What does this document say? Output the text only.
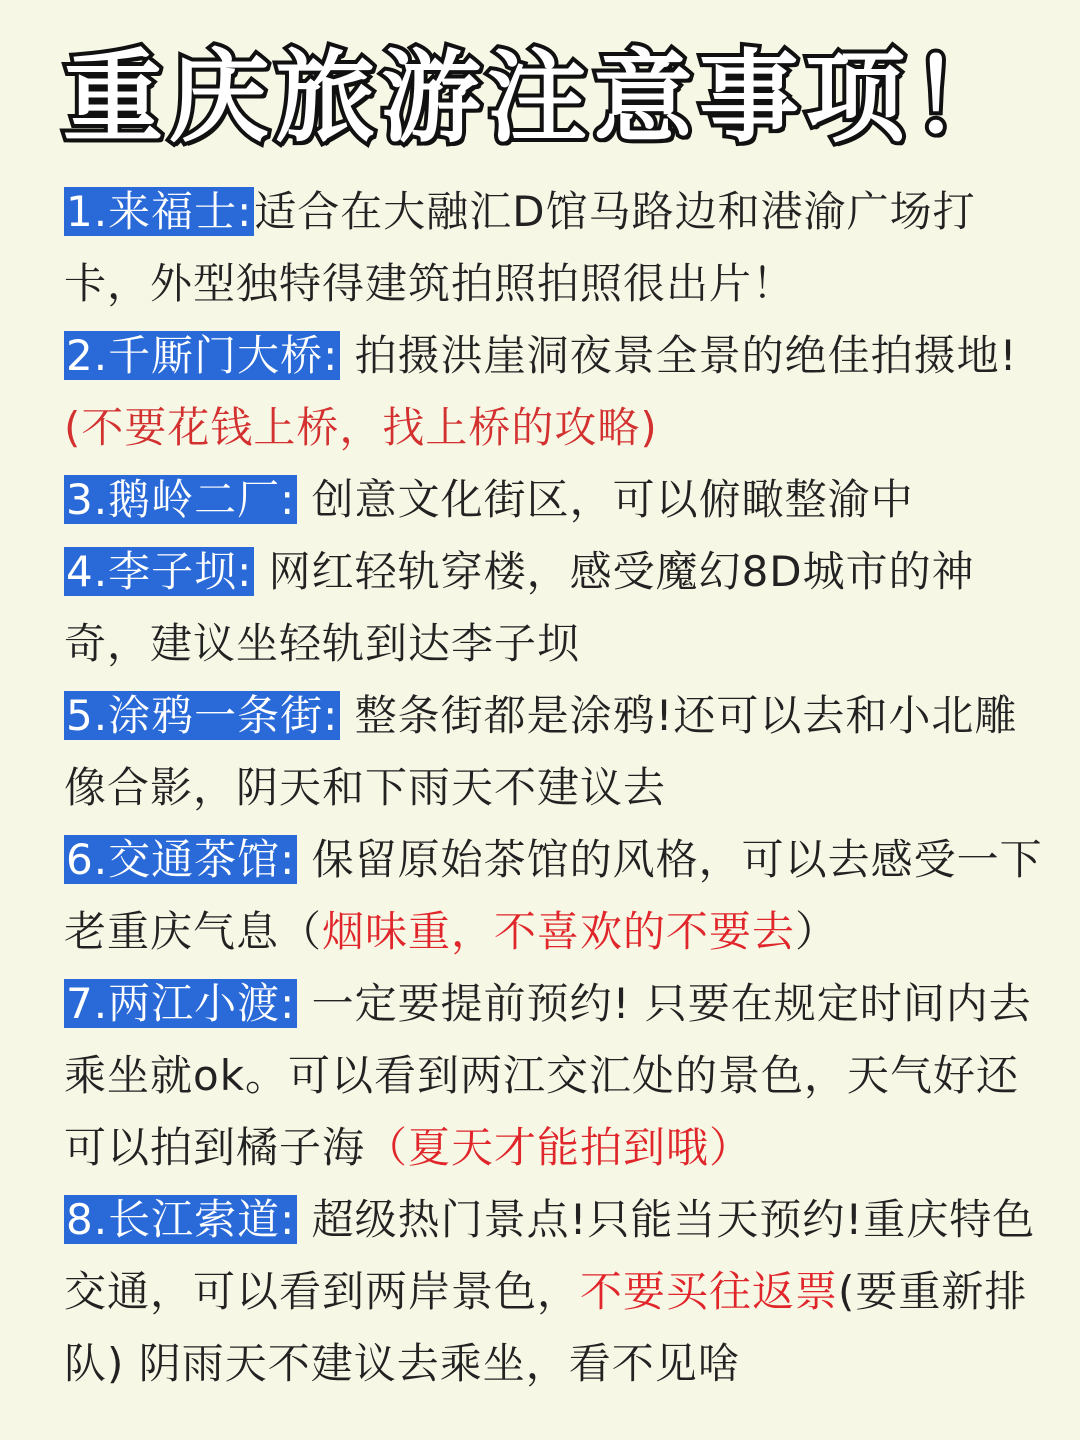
重庆旅游注意事项！
1.来福士:适合在大融汇D馆马路边和港渝广场打卡，外型独特得建筑拍照拍照很出片！
2.千厮门大桥: 拍摄洪崖洞夜景全景的绝佳拍摄地! (不要花钱上桥，找上桥的攻略)
3.鹅岭二厂: 创意文化街区，可以俯瞰整渝中
4.李子坝: 网红轻轨穿楼，感受魔幻8D城市的神奇，建议坐轻轨到达李子坝
5.涂鸦一条街: 整条街都是涂鸦!还可以去和小北雕像合影，阴天和下雨天不建议去
6.交通茶馆: 保留原始茶馆的风格，可以去感受一下老重庆气息（烟味重，不喜欢的不要去）
7.两江小渡: 一定要提前预约! 只要在规定时间内去乘坐就ok。可以看到两江交汇处的景色，天气好还可以拍到橘子海（夏天才能拍到哦）
8.长江索道: 超级热门景点!只能当天预约!重庆特色交通，可以看到两岸景色，不要买往返票(要重新排队) 阴雨天不建议去乘坐，看不见啥
